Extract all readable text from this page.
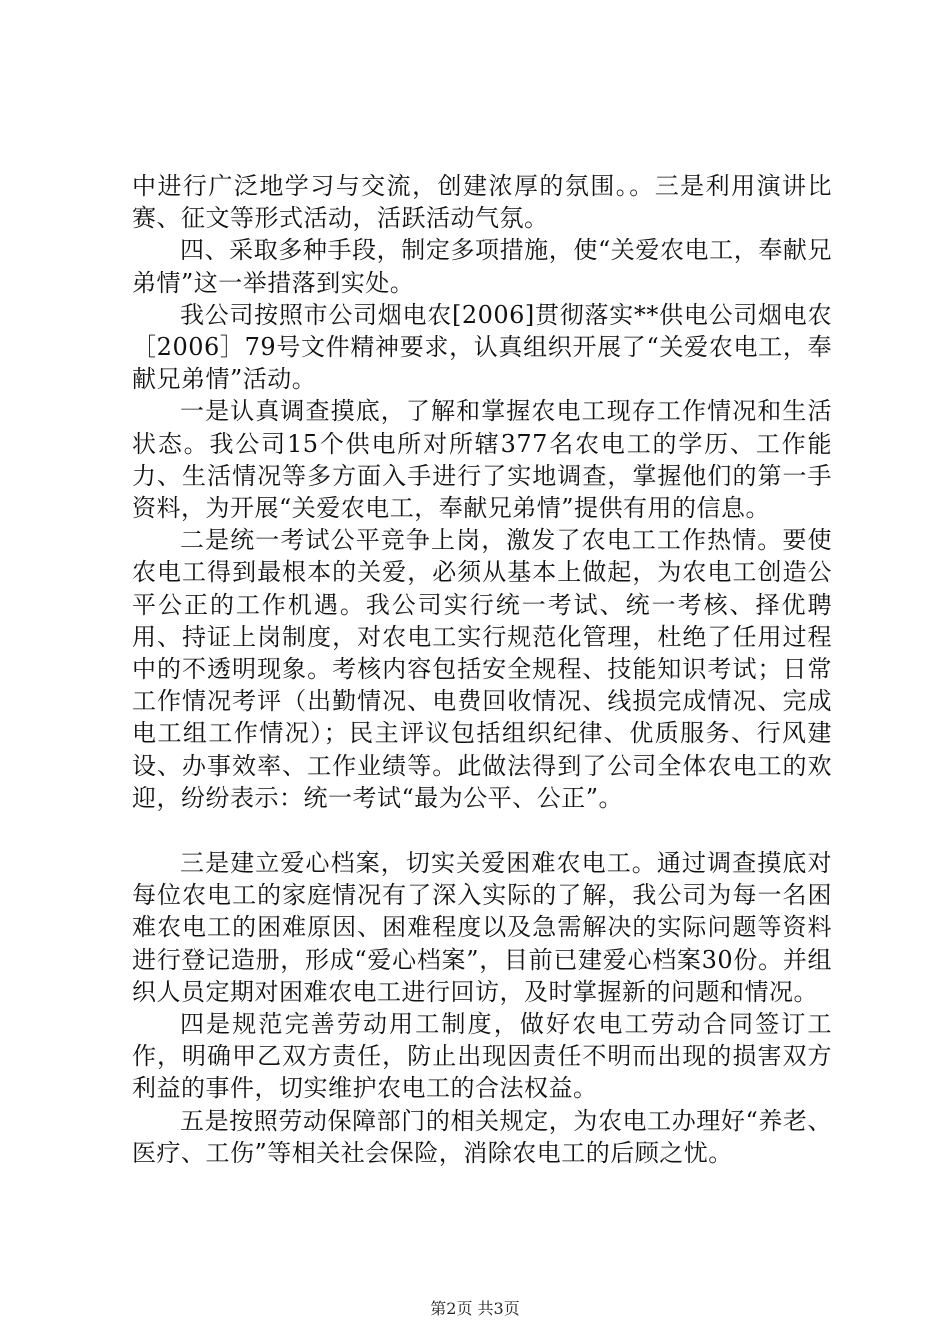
中进行广泛地学习与交流，创建浓厚的氛围。。三是利用演讲比赛、征文等形式活动，活跃活动气氛。

四、采取多种手段，制定多项措施，使“关爱农电工，奉献兄弟情”这一举措落到实处。

我公司按照市公司烟电农[2006]贯彻落实**供电公司烟电农［2006］79号文件精神要求，认真组织开展了“关爱农电工，奉献兄弟情”活动。

一是认真调查摸底，了解和掌握农电工现存工作情况和生活状态。我公司15个供电所对所辖377名农电工的学历、工作能力、生活情况等多方面入手进行了实地调查，掌握他们的第一手资料，为开展“关爱农电工，奉献兄弟情”提供有用的信息。

二是统一考试公平竞争上岗，激发了农电工工作热情。要使农电工得到最根本的关爱，必须从基本上做起，为农电工创造公平公正的工作机遇。我公司实行统一考试、统一考核、择优聘用、持证上岗制度，对农电工实行规范化管理，杜绝了任用过程中的不透明现象。考核内容包括安全规程、技能知识考试；日常工作情况考评（出勤情况、电费回收情况、线损完成情况、完成电工组工作情况）；民主评议包括组织纪律、优质服务、行风建设、办事效率、工作业绩等。此做法得到了公司全体农电工的欢迎，纷纷表示：统一考试“最为公平、公正”。

三是建立爱心档案，切实关爱困难农电工。通过调查摸底对每位农电工的家庭情况有了深入实际的了解，我公司为每一名困难农电工的困难原因、困难程度以及急需解决的实际问题等资料进行登记造册，形成“爱心档案”，目前已建爱心档案30份。并组织人员定期对困难农电工进行回访，及时掌握新的问题和情况。

四是规范完善劳动用工制度，做好农电工劳动合同签订工作，明确甲乙双方责任，防止出现因责任不明而出现的损害双方利益的事件，切实维护农电工的合法权益。

五是按照劳动保障部门的相关规定，为农电工办理好“养老、医疗、工伤”等相关社会保险，消除农电工的后顾之忧。

第2页 共3页
